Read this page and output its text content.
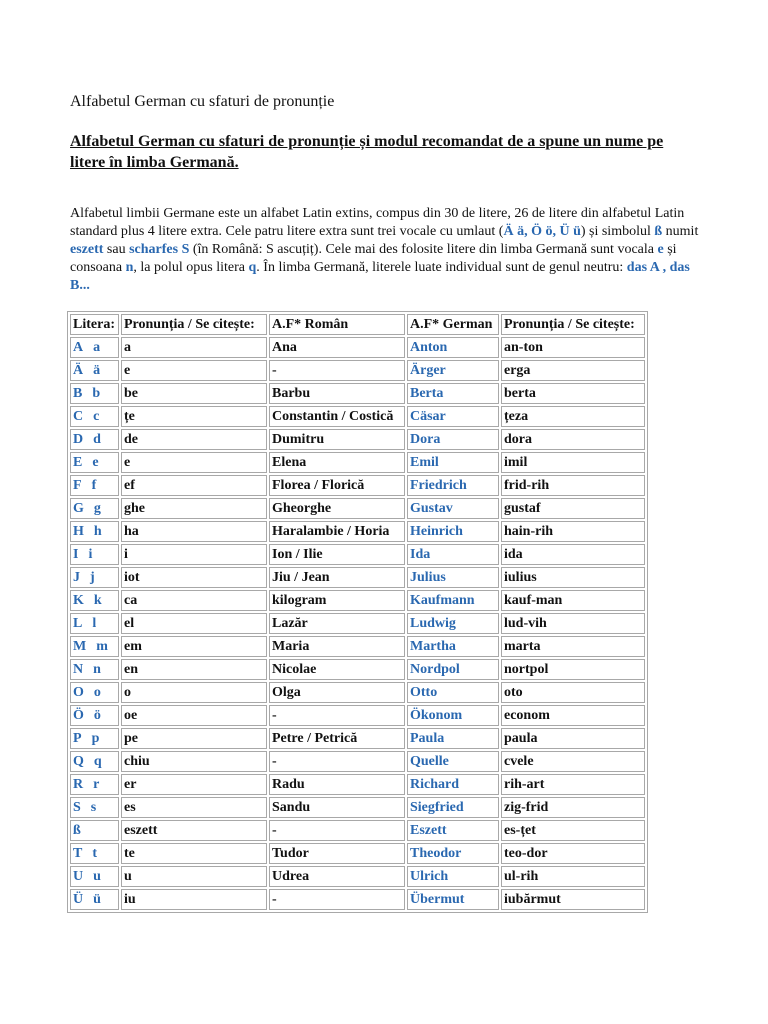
Alfabetul German cu sfaturi de pronunție
Alfabetul German cu sfaturi de pronunție și modul recomandat de a spune un nume pe litere în limba Germană.

Alfabetul limbii Germane este un alfabet Latin extins, compus din 30 de litere, 26 de litere din alfabetul Latin standard plus 4 litere extra. Cele patru litere extra sunt trei vocale cu umlaut (Ä ä, Ö ö, Ü ü) și simbolul ß numit eszett sau scharfes S (în Română: S ascuțiț). Cele mai des folosite litere din limba Germană sunt vocala e și consoana n, la polul opus litera q. În limba Germană, literele luate individual sunt de genul neutru: das A , das B...

Litera:	Pronunția / Se citește:	A.F* Român	A.F* German	Pronunția / Se citește:
A a	a	Ana	Anton	an-ton
Ä ä	e	-	Ärger	erga
B b	be	Barbu	Berta	berta
C c	țe	Constantin / Costică	Cäsar	țeza
D d	de	Dumitru	Dora	dora
E e	e	Elena	Emil	imil
F f	ef	Florea / Florică	Friedrich	frid-rih
G g	ghe	Gheorghe	Gustav	gustaf
H h	ha	Haralambie / Horia	Heinrich	hain-rih
I i	i	Ion / Ilie	Ida	ida
J j	iot	Jiu / Jean	Julius	iulius
K k	ca	kilogram	Kaufmann	kauf-man
L l	el	Lazăr	Ludwig	lud-vih
M m	em	Maria	Martha	marta
N n	en	Nicolae	Nordpol	nortpol
O o	o	Olga	Otto	oto
Ö ö	oe	-	Ökonom	econom
P p	pe	Petre / Petrică	Paula	paula
Q q	chiu	-	Quelle	cvele
R r	er	Radu	Richard	rih-art
S s	es	Sandu	Siegfried	zig-frid
ß	eszett	-	Eszett	es-țet
T t	te	Tudor	Theodor	teo-dor
U u	u	Udrea	Ulrich	ul-rih
Ü ü	iu	-	Übermut	iubărmut
